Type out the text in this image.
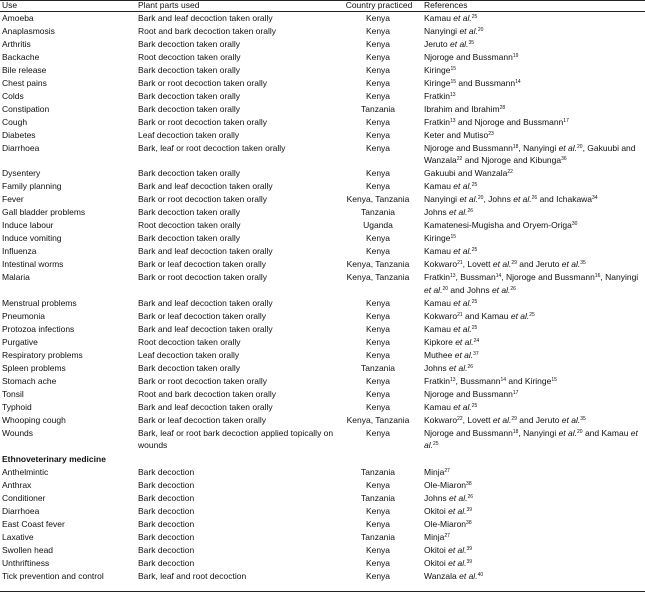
Use	Plant parts used	Country practiced	References
Amoeba	Bark and leaf decoction taken orally	Kenya	Kamau et al.$^{25}$
Anaplasmosis	Root and bark decoction taken orally	Kenya	Nanyingi et al.$^{20}$
Arthritis	Bark decoction taken orally	Kenya	Jeruto et al.$^{35}$
Backache	Root decoction taken orally	Kenya	Njoroge and Bussmann$^{19}$
Bile release	Bark decoction taken orally	Kenya	Kiringe$^{15}$
Chest pains	Bark or root decoction taken orally	Kenya	Kiringe$^{15}$ and Bussmann$^{14}$
Colds	Bark decoction taken orally	Kenya	Fratkin$^{13}$
Constipation	Bark decoction taken orally	Tanzania	Ibrahim and Ibrahim$^{28}$
Cough	Bark or root decoction taken orally	Kenya	Fratkin$^{13}$ and Njoroge and Bussmann$^{17}$
Diabetes	Leaf decoction taken orally	Kenya	Keter and Mutiso$^{23}$
Diarrhoea	Bark, leaf or root decoction taken orally	Kenya	Njoroge and Bussmann$^{18}$, Nanyingi et al.$^{20}$, Gakuubi and Wanzala$^{22}$ and Njoroge and Kibunga$^{36}$
Dysentery	Bark decoction taken orally	Kenya	Gakuubi and Wanzala$^{22}$
Family planning	Bark and leaf decoction taken orally	Kenya	Kamau et al.$^{25}$
Fever	Bark or root decoction taken orally	Kenya, Tanzania	Nanyingi et al.$^{20}$, Johns et al.$^{26}$ and Ichakawa$^{34}$
Gall bladder problems	Bark decoction taken orally	Tanzania	Johns et al.$^{26}$
Induce labour	Root decoction taken orally	Uganda	Kamatenesi-Mugisha and Oryem-Origa$^{30}$
Induce vomiting	Bark decoction taken orally	Kenya	Kiringe$^{15}$
Influenza	Bark and leaf decoction taken orally	Kenya	Kamau et al.$^{25}$
Intestinal worms	Bark or leaf decoction taken orally	Kenya, Tanzania	Kokwaro$^{21}$, Lovett et al.$^{29}$ and Jeruto et al.$^{35}$
Malaria	Bark or root decoction taken orally	Kenya, Tanzania	Fratkin$^{13}$, Bussman$^{14}$, Njoroge and Bussmann$^{16}$, Nanyingi et al.$^{20}$ and Johns et al.$^{26}$
Menstrual problems	Bark and leaf decoction taken orally	Kenya	Kamau et al.$^{25}$
Pneumonia	Bark or leaf decoction taken orally	Kenya	Kokwaro$^{21}$ and Kamau et al.$^{25}$
Protozoa infections	Bark and leaf decoction taken orally	Kenya	Kamau et al.$^{25}$
Purgative	Root decoction taken orally	Kenya	Kipkore et al.$^{24}$
Respiratory problems	Leaf decoction taken orally	Kenya	Muthee et al.$^{37}$
Spleen problems	Bark decoction taken orally	Tanzania	Johns et al.$^{26}$
Stomach ache	Bark or root decoction taken orally	Kenya	Fratkin$^{13}$, Bussmann$^{14}$ and Kiringe$^{15}$
Tonsil	Root and bark decoction taken orally	Kenya	Njoroge and Bussmann$^{17}$
Typhoid	Bark and leaf decoction taken orally	Kenya	Kamau et al.$^{25}$
Whooping cough	Bark or leaf decoction taken orally	Kenya, Tanzania	Kokwaro$^{22}$, Lovett et al.$^{29}$ and Jeruto et al.$^{35}$
Wounds	Bark, leaf or root bark decoction applied topically on wounds	Kenya	Njoroge and Bussmann$^{18}$, Nanyingi et al.$^{20}$ and Kamau et al.$^{25}$
Ethnoveterinary medicine			
Anthelmintic	Bark decoction	Tanzania	Minja$^{27}$
Anthrax	Bark decoction	Kenya	Ole-Miaron$^{38}$
Conditioner	Bark decoction	Tanzania	Johns et al.$^{26}$
Diarrhoea	Bark decoction	Kenya	Okitoi et al.$^{39}$
East Coast fever	Bark decoction	Kenya	Ole-Miaron$^{38}$
Laxative	Bark decoction	Tanzania	Minja$^{27}$
Swollen head	Bark decoction	Kenya	Okitoi et al.$^{39}$
Unthriftiness	Bark decoction	Kenya	Okitoi et al.$^{39}$
Tick prevention and control	Bark, leaf and root decoction	Kenya	Wanzala et al.$^{40}$
